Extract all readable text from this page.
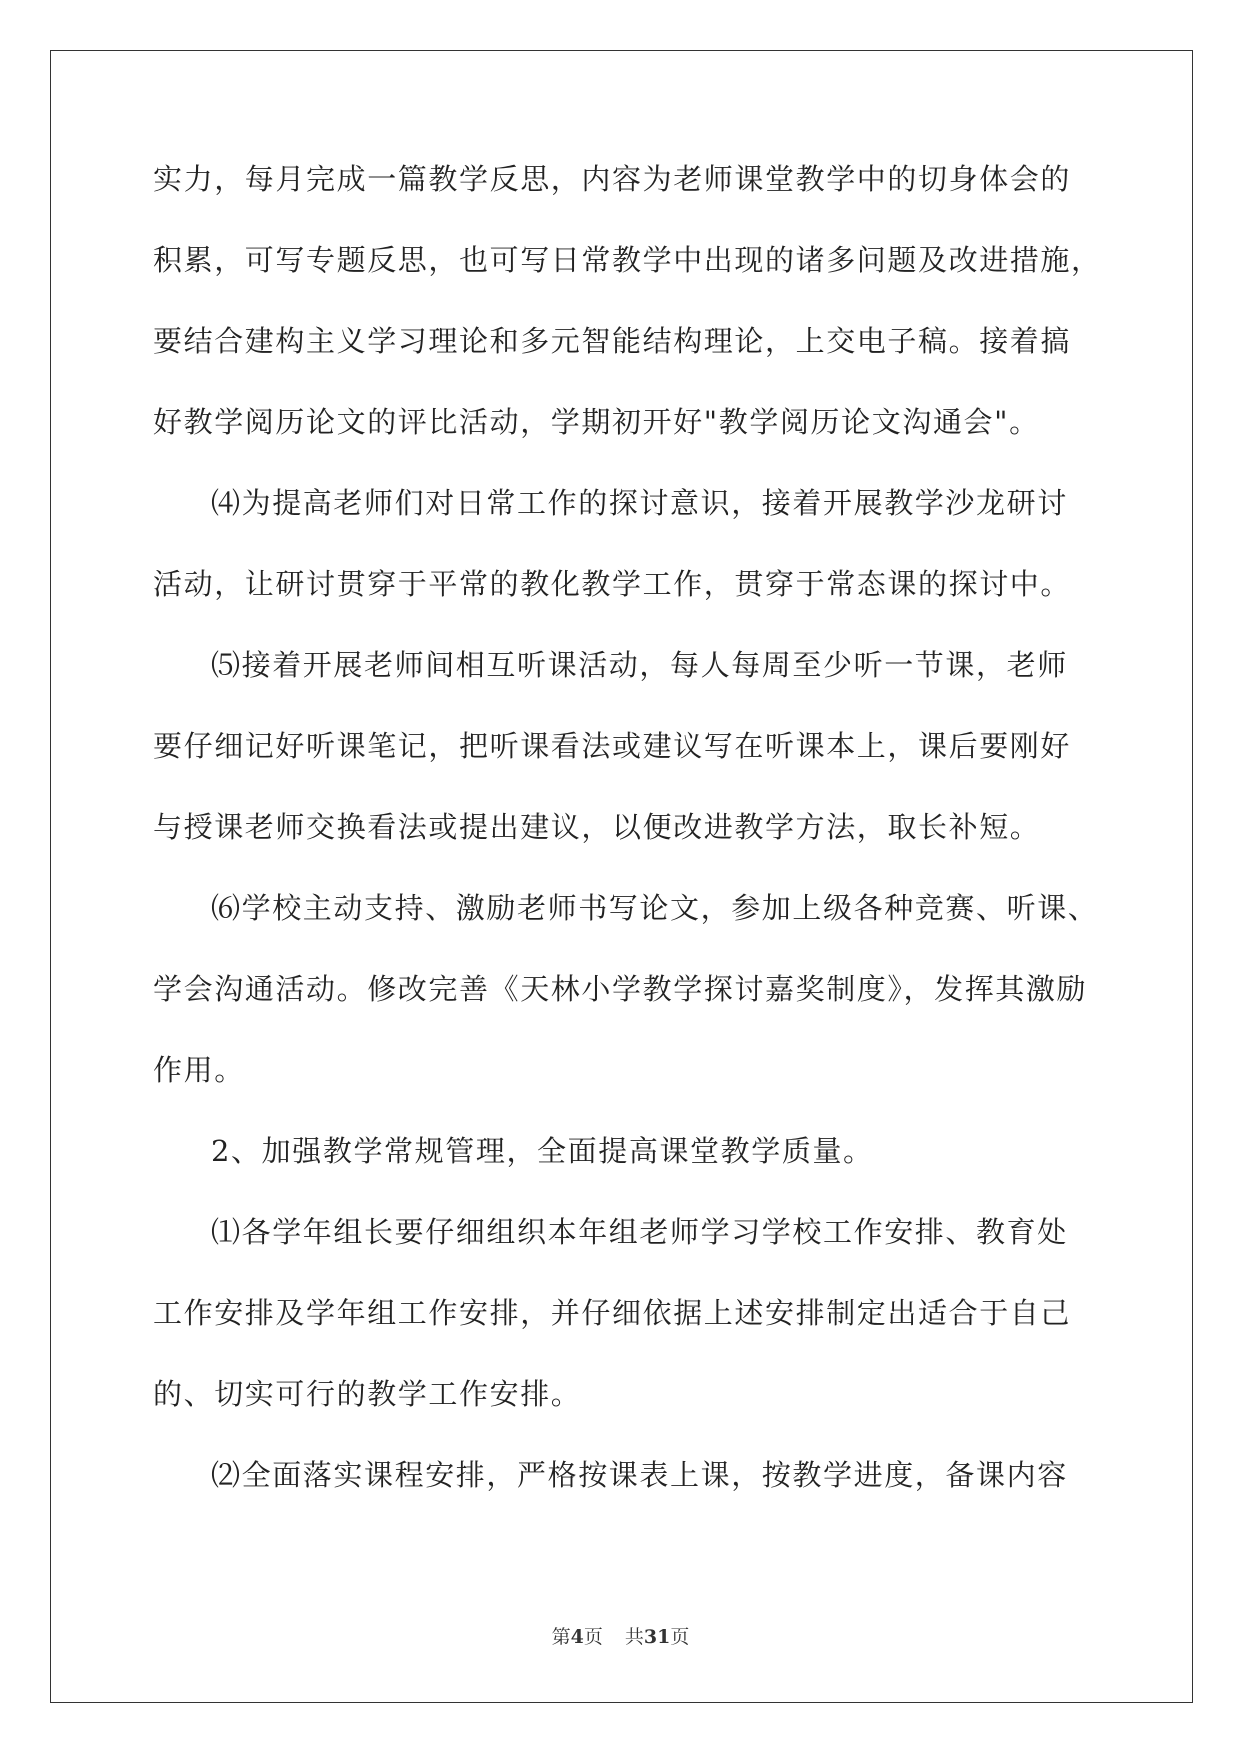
实力，每月完成一篇教学反思，内容为老师课堂教学中的切身体会的
积累，可写专题反思，也可写日常教学中出现的诸多问题及改进措施，
要结合建构主义学习理论和多元智能结构理论，上交电子稿。接着搞
好教学阅历论文的评比活动，学期初开好"教学阅历论文沟通会"。
⑷为提高老师们对日常工作的探讨意识，接着开展教学沙龙研讨
活动，让研讨贯穿于平常的教化教学工作，贯穿于常态课的探讨中。
⑸接着开展老师间相互听课活动，每人每周至少听一节课，老师
要仔细记好听课笔记，把听课看法或建议写在听课本上，课后要刚好
与授课老师交换看法或提出建议，以便改进教学方法，取长补短。
⑹学校主动支持、激励老师书写论文，参加上级各种竞赛、听课、
学会沟通活动。修改完善《天林小学教学探讨嘉奖制度》，发挥其激励
作用。
2、加强教学常规管理，全面提高课堂教学质量。
⑴各学年组长要仔细组织本年组老师学习学校工作安排、教育处
工作安排及学年组工作安排，并仔细依据上述安排制定出适合于自己
的、切实可行的教学工作安排。
⑵全面落实课程安排，严格按课表上课，按教学进度，备课内容
第4页 共31页
